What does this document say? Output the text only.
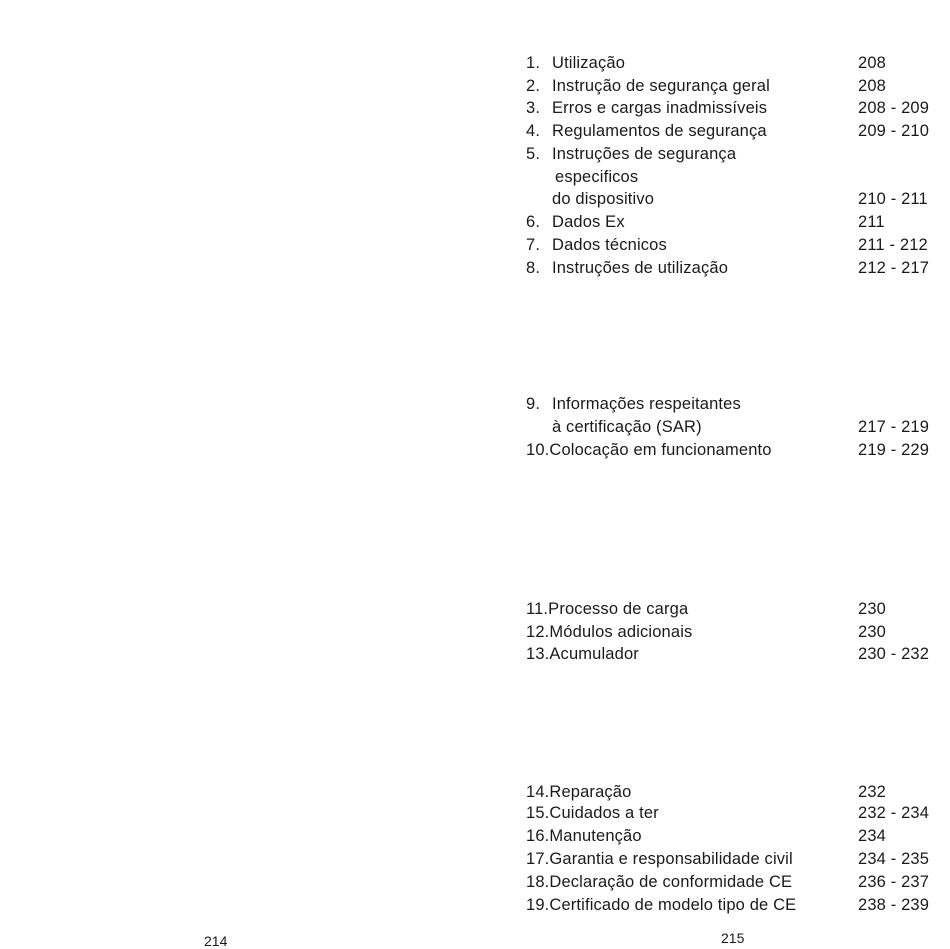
1. Utilização	208
2. Instrução de segurança geral	208
3. Erros e cargas inadmissíveis	208 - 209
4. Regulamentos de segurança	209 - 210
5. Instruções de segurança
especificos
do dispositivo	210 - 211
6. Dados Ex	211
7. Dados técnicos	211 - 212
8. Instruções de utilização	212 - 217
9. Informações respeitantes
à certificação (SAR)	217 - 219
10.Colocação em funcionamento	219 - 229
11.Processo de carga	230
12.Módulos adicionais	230
13.Acumulador	230 - 232
14.Reparação	232
15.Cuidados a ter	232 - 234
16.Manutenção	234
17.Garantia e responsabilidade civil	234 - 235
18.Declaração de conformidade CE	236 - 237
19.Certificado de modelo tipo de CE	238 - 239
214	215
